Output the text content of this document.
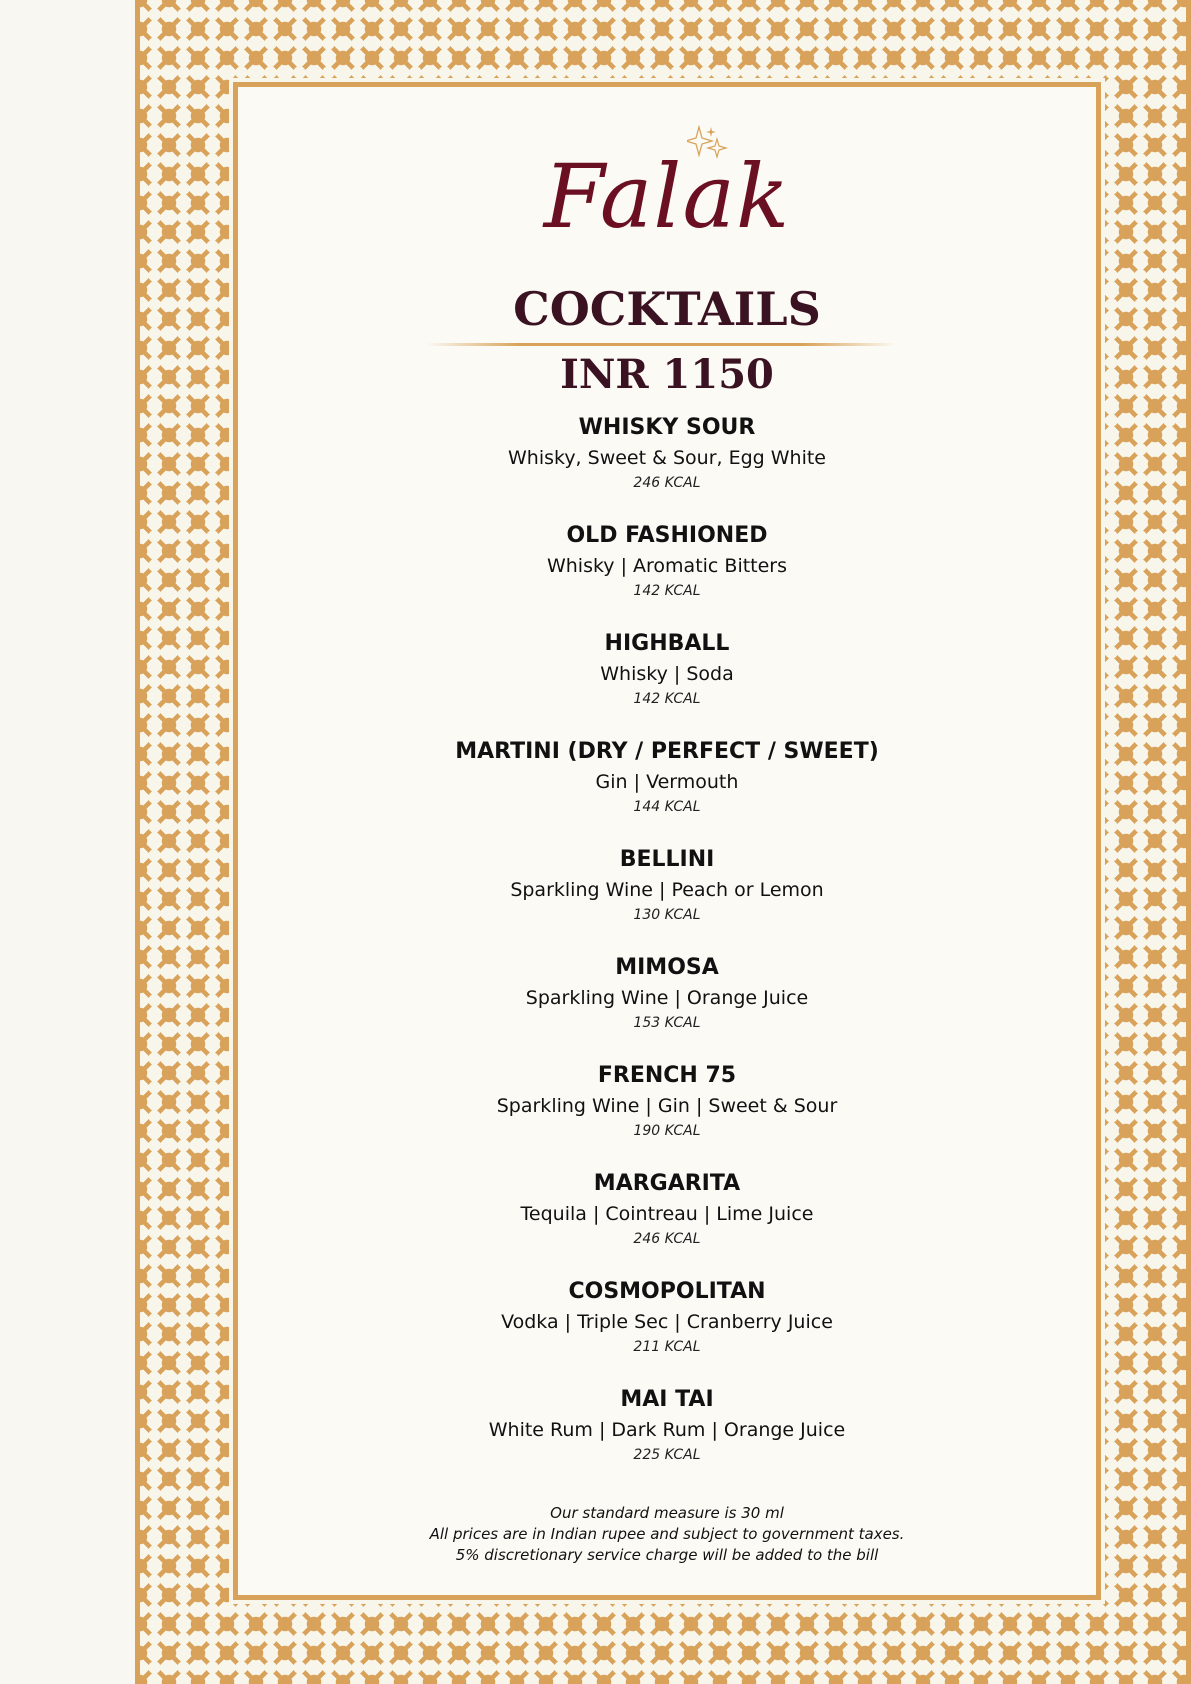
Falak
COCKTAILS
INR 1150
WHISKY SOUR
Whisky, Sweet & Sour, Egg White
246 KCAL
OLD FASHIONED
Whisky | Aromatic Bitters
142 KCAL
HIGHBALL
Whisky | Soda
142 KCAL
MARTINI (DRY / PERFECT / SWEET)
Gin | Vermouth
144 KCAL
BELLINI
Sparkling Wine | Peach or Lemon
130 KCAL
MIMOSA
Sparkling Wine | Orange Juice
153 KCAL
FRENCH 75
Sparkling Wine | Gin | Sweet & Sour
190 KCAL
MARGARITA
Tequila | Cointreau | Lime Juice
246 KCAL
COSMOPOLITAN
Vodka | Triple Sec | Cranberry Juice
211 KCAL
MAI TAI
White Rum | Dark Rum | Orange Juice
225 KCAL
Our standard measure is 30 ml
All prices are in Indian rupee and subject to government taxes.
5% discretionary service charge will be added to the bill
